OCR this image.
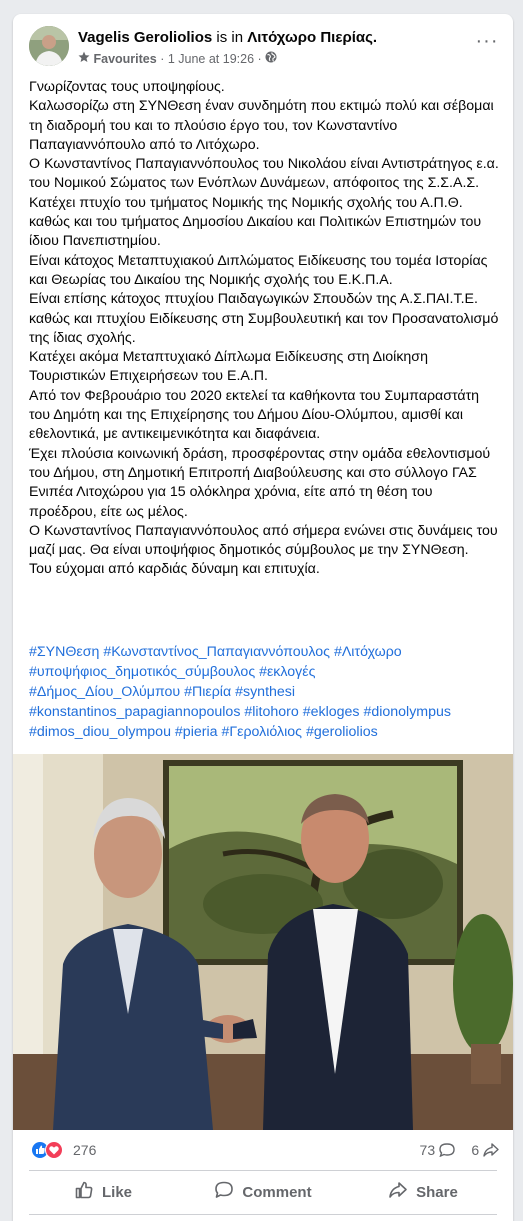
Vagelis Geroliolios is in Λιτόχωρο Πιερίας.
Favourites · 1 June at 19:26 ·
···

Γνωρίζοντας τους υποψηφίους.

Καλωσορίζω στη ΣΥΝΘεση έναν συνδημότη που εκτιμώ πολύ και σέβομαι τη διαδρομή του και το πλούσιο έργο του, τον Κωνσταντίνο Παπαγιαννόπουλο από το Λιτόχωρο.

Ο Κωνσταντίνος Παπαγιαννόπουλος του Νικολάου είναι Αντιστράτηγος ε.α. του Νομικού Σώματος των Ενόπλων Δυνάμεων, απόφοιτος της Σ.Σ.Α.Σ.

Κατέχει πτυχίο του τμήματος Νομικής της Νομικής σχολής του Α.Π.Θ. καθώς και του τμήματος Δημοσίου Δικαίου και Πολιτικών Επιστημών του ίδιου Πανεπιστημίου.

Είναι κάτοχος Μεταπτυχιακού Διπλώματος Ειδίκευσης του τομέα Ιστορίας και Θεωρίας του Δικαίου της Νομικής σχολής του Ε.Κ.Π.Α.

Είναι επίσης κάτοχος πτυχίου Παιδαγωγικών Σπουδών της Α.Σ.ΠΑΙ.Τ.Ε. καθώς και πτυχίου Ειδίκευσης στη Συμβουλευτική και τον Προσανατολισμό της ίδιας σχολής.

Κατέχει ακόμα Μεταπτυχιακό Δίπλωμα Ειδίκευσης στη Διοίκηση Τουριστικών Επιχειρήσεων του Ε.Α.Π.

Από τον Φεβρουάριο του 2020 εκτελεί τα καθήκοντα του Συμπαραστάτη του Δημότη και της Επιχείρησης του Δήμου Δίου-Ολύμπου, αμισθί και εθελοντικά, με αντικειμενικότητα και διαφάνεια.

Έχει πλούσια κοινωνική δράση, προσφέροντας στην ομάδα εθελοντισμού του Δήμου, στη Δημοτική Επιτροπή Διαβούλευσης και στο σύλλογο ΓΑΣ Ενιπέα Λιτοχώρου για 15 ολόκληρα χρόνια, είτε από τη θέση του προέδρου, είτε ως μέλος.

Ο Κωνσταντίνος Παπαγιαννόπουλος από σήμερα ενώνει στις δυνάμεις του μαζί μας. Θα είναι υποψήφιος δημοτικός σύμβουλος με την ΣΥΝΘεση.

Του εύχομαι από καρδιάς δύναμη και επιτυχία.

#ΣΥΝΘεση #Κωνσταντίνος_Παπαγιαννόπουλος #Λιτόχωρο

#υποψήφιος_δημοτικός_σύμβουλος #εκλογές

#Δήμος_Δίου_Ολύμπου #Πιερία #synthesi

#konstantinos_papagiannopoulos #litohoro #ekloges #dionolympus

#dimos_diou_olympou #pieria #Γερολιόλιος #geroliolios

276	73	6
Like	Comment	Share
